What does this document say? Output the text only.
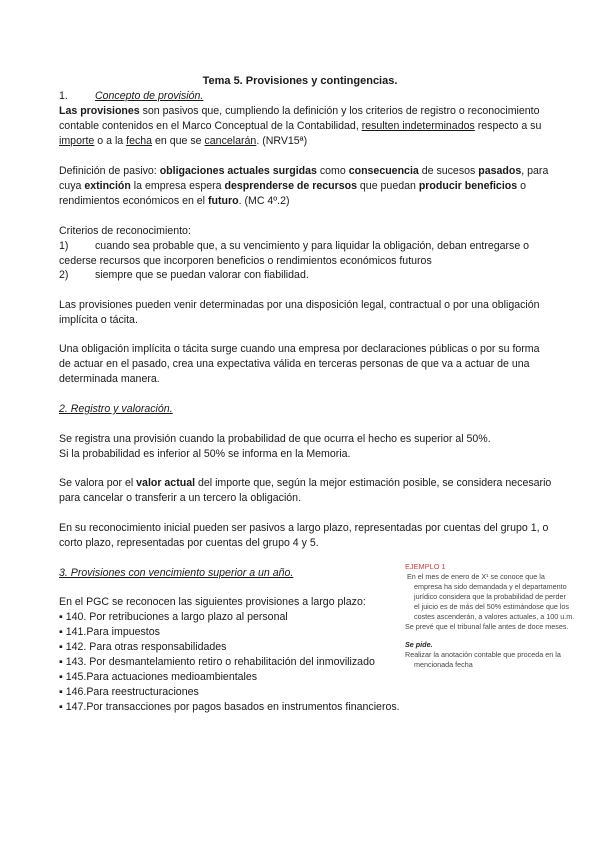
Tema 5. Provisiones y contingencias.
1.	Concepto de provisión.
Las provisiones son pasivos que, cumpliendo la definición y los criterios de registro o reconocimiento
contable contenidos en el Marco Conceptual de la Contabilidad, resulten indeterminados respecto a su
importe o a la fecha en que se cancelarán. (NRV15ª)
Definición de pasivo: obligaciones actuales surgidas como consecuencia de sucesos pasados, para
cuya extinción la empresa espera desprenderse de recursos que puedan producir beneficios o
rendimientos económicos en el futuro. (MC 4º.2)
Criterios de reconocimiento:
1)	cuando sea probable que, a su vencimiento y para liquidar la obligación, deban entregarse o
cederse recursos que incorporen beneficios o rendimientos económicos futuros
2)	siempre que se puedan valorar con fiabilidad.
Las provisiones pueden venir determinadas por una disposición legal, contractual o por una obligación
implícita o tácita.
Una obligación implícita o tácita surge cuando una empresa por declaraciones públicas o por su forma
de actuar en el pasado, crea una expectativa válida en terceras personas de que va a actuar de una
determinada manera.
2. Registro y valoración.
Se registra una provisión cuando la probabilidad de que ocurra el hecho es superior al 50%.
Si la probabilidad es inferior al 50% se informa en la Memoria.
Se valora por el valor actual del importe que, según la mejor estimación posible, se considera necesario
para cancelar o transferir a un tercero la obligación.
En su reconocimiento inicial pueden ser pasivos a largo plazo, representadas por cuentas del grupo 1, o
corto plazo, representadas por cuentas del grupo 4 y 5.
3. Provisiones con vencimiento superior a un año.
En el PGC se reconocen las siguientes provisiones a largo plazo:
▪ 140. Por retribuciones a largo plazo al personal
▪ 141.Para impuestos
▪ 142. Para otras responsabilidades
▪ 143. Por desmantelamiento retiro o rehabilitación del inmovilizado
▪ 145.Para actuaciones medioambientales
▪ 146.Para reestructuraciones
▪ 147.Por transacciones por pagos basados en instrumentos financieros.
EJEMPLO 1
En el mes de enero de X¹ se conoce que la
empresa ha sido demandada y el departamento
jurídico considera que la probabilidad de perder
el juicio es de más del 50% estimándose que los
costes ascenderán, a valores actuales, a 100 u.m.
Se prevé que el tribunal falle antes de doce meses.
Se pide.
Realizar la anotación contable que proceda en la
mencionada fecha
